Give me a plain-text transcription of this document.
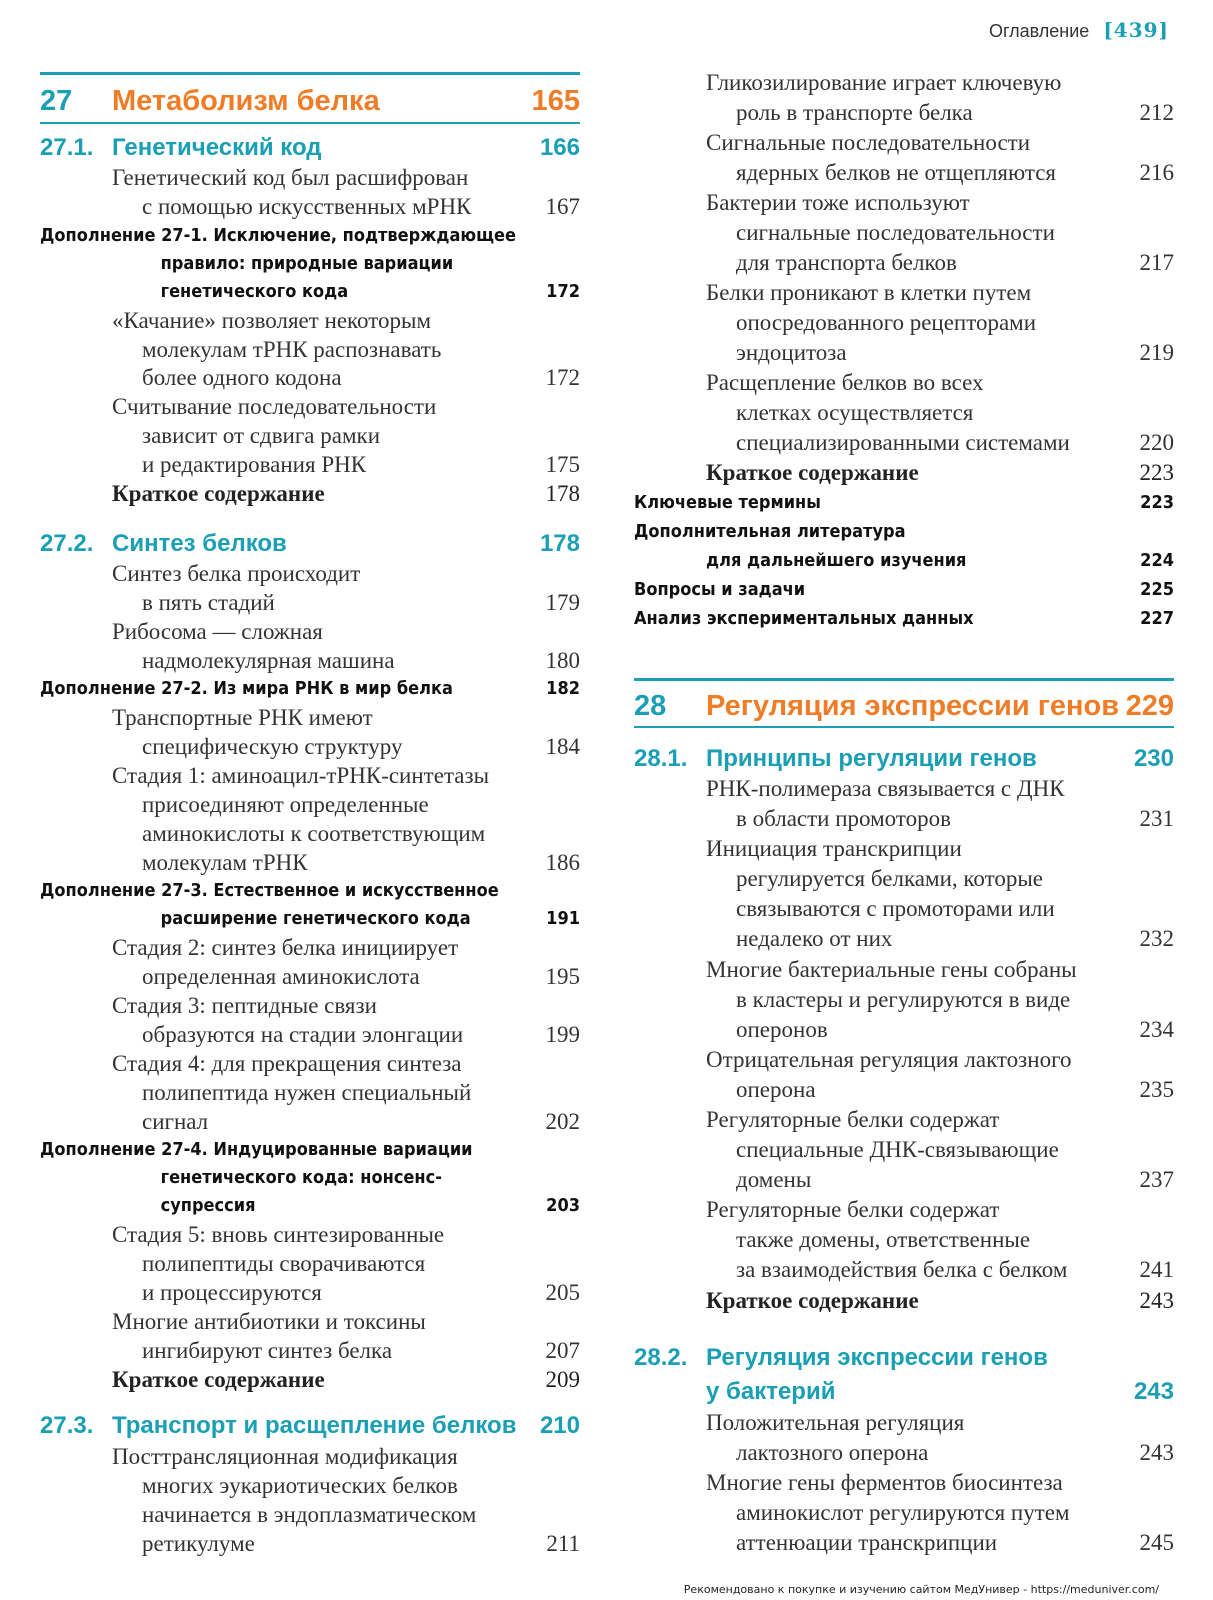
Оглавление [439]
27 Метаболизм белка	165
27.1. Генетический код	166
Генетический код был расшифрован
с помощью искусственных мРНК	167
Дополнение 27-1. Исключение, подтверждающее
правило: природные вариации
генетического кода	172
«Качание» позволяет некоторым
молекулам тРНК распознавать
более одного кодона	172
Считывание последовательности
зависит от сдвига рамки
и редактирования РНК	175
Краткое содержание	178
27.2. Синтез белков	178
Синтез белка происходит
в пять стадий	179
Рибосома — сложная
надмолекулярная машина	180
Дополнение 27-2. Из мира РНК в мир белка	182
Транспортные РНК имеют
специфическую структуру	184
Стадия 1: аминоацил-тРНК-синтетазы
присоединяют определенные
аминокислоты к соответствующим
молекулам тРНК	186
Дополнение 27-3. Естественное и искусственное
расширение генетического кода	191
Стадия 2: синтез белка инициирует
определенная аминокислота	195
Стадия 3: пептидные связи
образуются на стадии элонгации	199
Стадия 4: для прекращения синтеза
полипептида нужен специальный
сигнал	202
Дополнение 27-4. Индуцированные вариации
генетического кода: нонсенс-
супрессия	203
Стадия 5: вновь синтезированные
полипептиды сворачиваются
и процессируются	205
Многие антибиотики и токсины
ингибируют синтез белка	207
Краткое содержание	209
27.3. Транспорт и расщепление белков 210
Посттрансляционная модификация
многих эукариотических белков
начинается в эндоплазматическом
ретикулуме	211
Гликозилирование играет ключевую
роль в транспорте белка	212
Сигнальные последовательности
ядерных белков не отщепляются	216
Бактерии тоже используют
сигнальные последовательности
для транспорта белков	217
Белки проникают в клетки путем
опосредованного рецепторами
эндоцитоза	219
Расщепление белков во всех
клетках осуществляется
специализированными системами	220
Краткое содержание	223
Ключевые термины	223
Дополнительная литература
для дальнейшего изучения	224
Вопросы и задачи	225
Анализ экспериментальных данных	227
28 Регуляция экспрессии генов 229
28.1. Принципы регуляции генов	230
РНК-полимераза связывается с ДНК
в области промоторов	231
Инициация транскрипции
регулируется белками, которые
связываются с промоторами или
недалеко от них	232
Многие бактериальные гены собраны
в кластеры и регулируются в виде
оперонов	234
Отрицательная регуляция лактозного
оперона	235
Регуляторные белки содержат
специальные ДНК-связывающие
домены	237
Регуляторные белки содержат
также домены, ответственные
за взаимодействия белка с белком	241
Краткое содержание	243
28.2. Регуляция экспрессии генов
у бактерий	243
Положительная регуляция
лактозного оперона	243
Многие гены ферментов биосинтеза
аминокислот регулируются путем
аттенюации транскрипции	245
Рекомендовано к покупке и изучению сайтом МедУнивер - https://meduniver.com/
